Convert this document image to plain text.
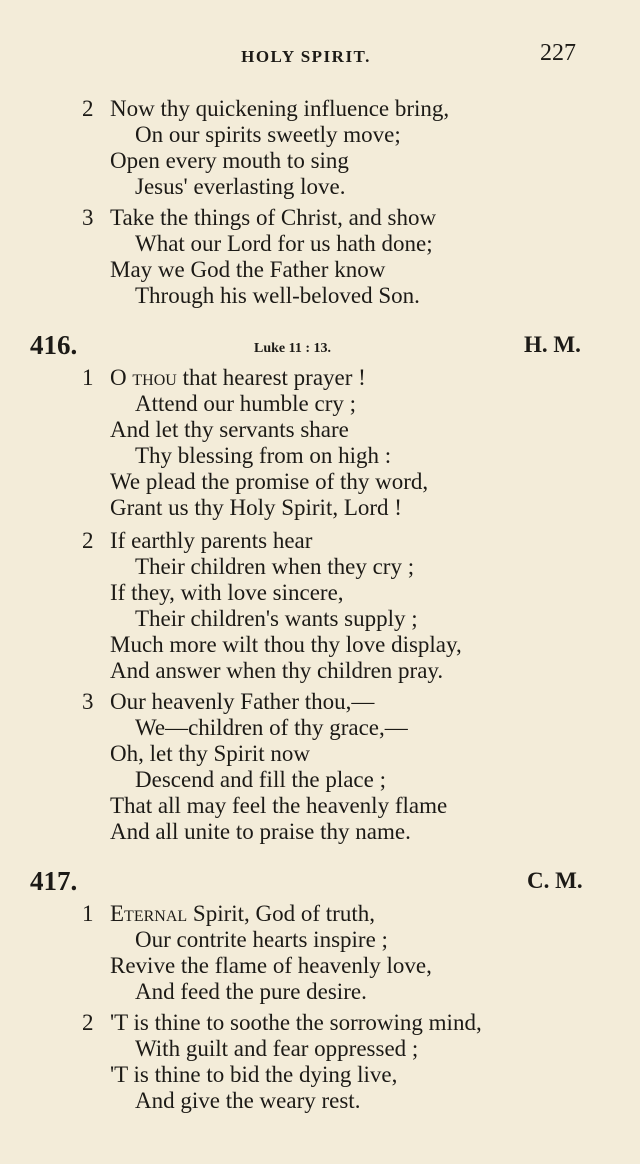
HOLY SPIRIT.	227
2 Now thy quickening influence bring,
On our spirits sweetly move;
Open every mouth to sing
Jesus' everlasting love.
3 Take the things of Christ, and show
What our Lord for us hath done;
May we God the Father know
Through his well-beloved Son.
416.	Luke 11 : 13.	H. M.
1 O thou that hearest prayer !
Attend our humble cry ;
And let thy servants share
Thy blessing from on high :
We plead the promise of thy word,
Grant us thy Holy Spirit, Lord !
2 If earthly parents hear
Their children when they cry ;
If they, with love sincere,
Their children's wants supply ;
Much more wilt thou thy love display,
And answer when thy children pray.
3 Our heavenly Father thou,—
We—children of thy grace,—
Oh, let thy Spirit now
Descend and fill the place ;
That all may feel the heavenly flame
And all unite to praise thy name.
417.	C. M.
1 Eternal Spirit, God of truth,
Our contrite hearts inspire ;
Revive the flame of heavenly love,
And feed the pure desire.
2 'T is thine to soothe the sorrowing mind,
With guilt and fear oppressed ;
'T is thine to bid the dying live,
And give the weary rest.
